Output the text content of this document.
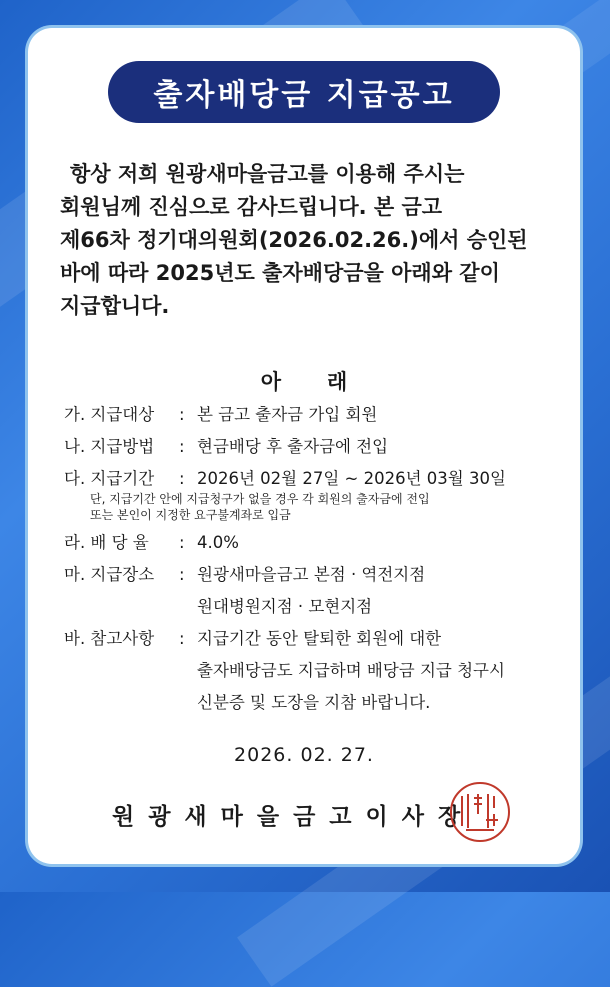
출자배당금 지급공고
항상 저희 원광새마을금고를 이용해 주시는
회원님께 진심으로 감사드립니다. 본 금고
제66차 정기대의원회(2026.02.26.)에서 승인된
바에 따라 2025년도 출자배당금을 아래와 같이
지급합니다.
아 래
가. 지급대상	: 본 금고 출자금 가입 회원
나. 지급방법	: 현금배당 후 출자금에 전입
다. 지급기간	: 2026년 02월 27일 ~ 2026년 03월 30일
단, 지급기간 안에 지급청구가 없을 경우 각 회원의 출자금에 전입
또는 본인이 지정한 요구불계좌로 입금
라. 배 당 율	: 4.0%
마. 지급장소	: 원광새마을금고 본점 · 역전지점
원대병원지점 · 모현지점
바. 참고사항	: 지급기간 동안 탈퇴한 회원에 대한
출자배당금도 지급하며 배당금 지급 청구시
신분증 및 도장을 지참 바랍니다.
2026. 02. 27.
원광새마을금고이사장
